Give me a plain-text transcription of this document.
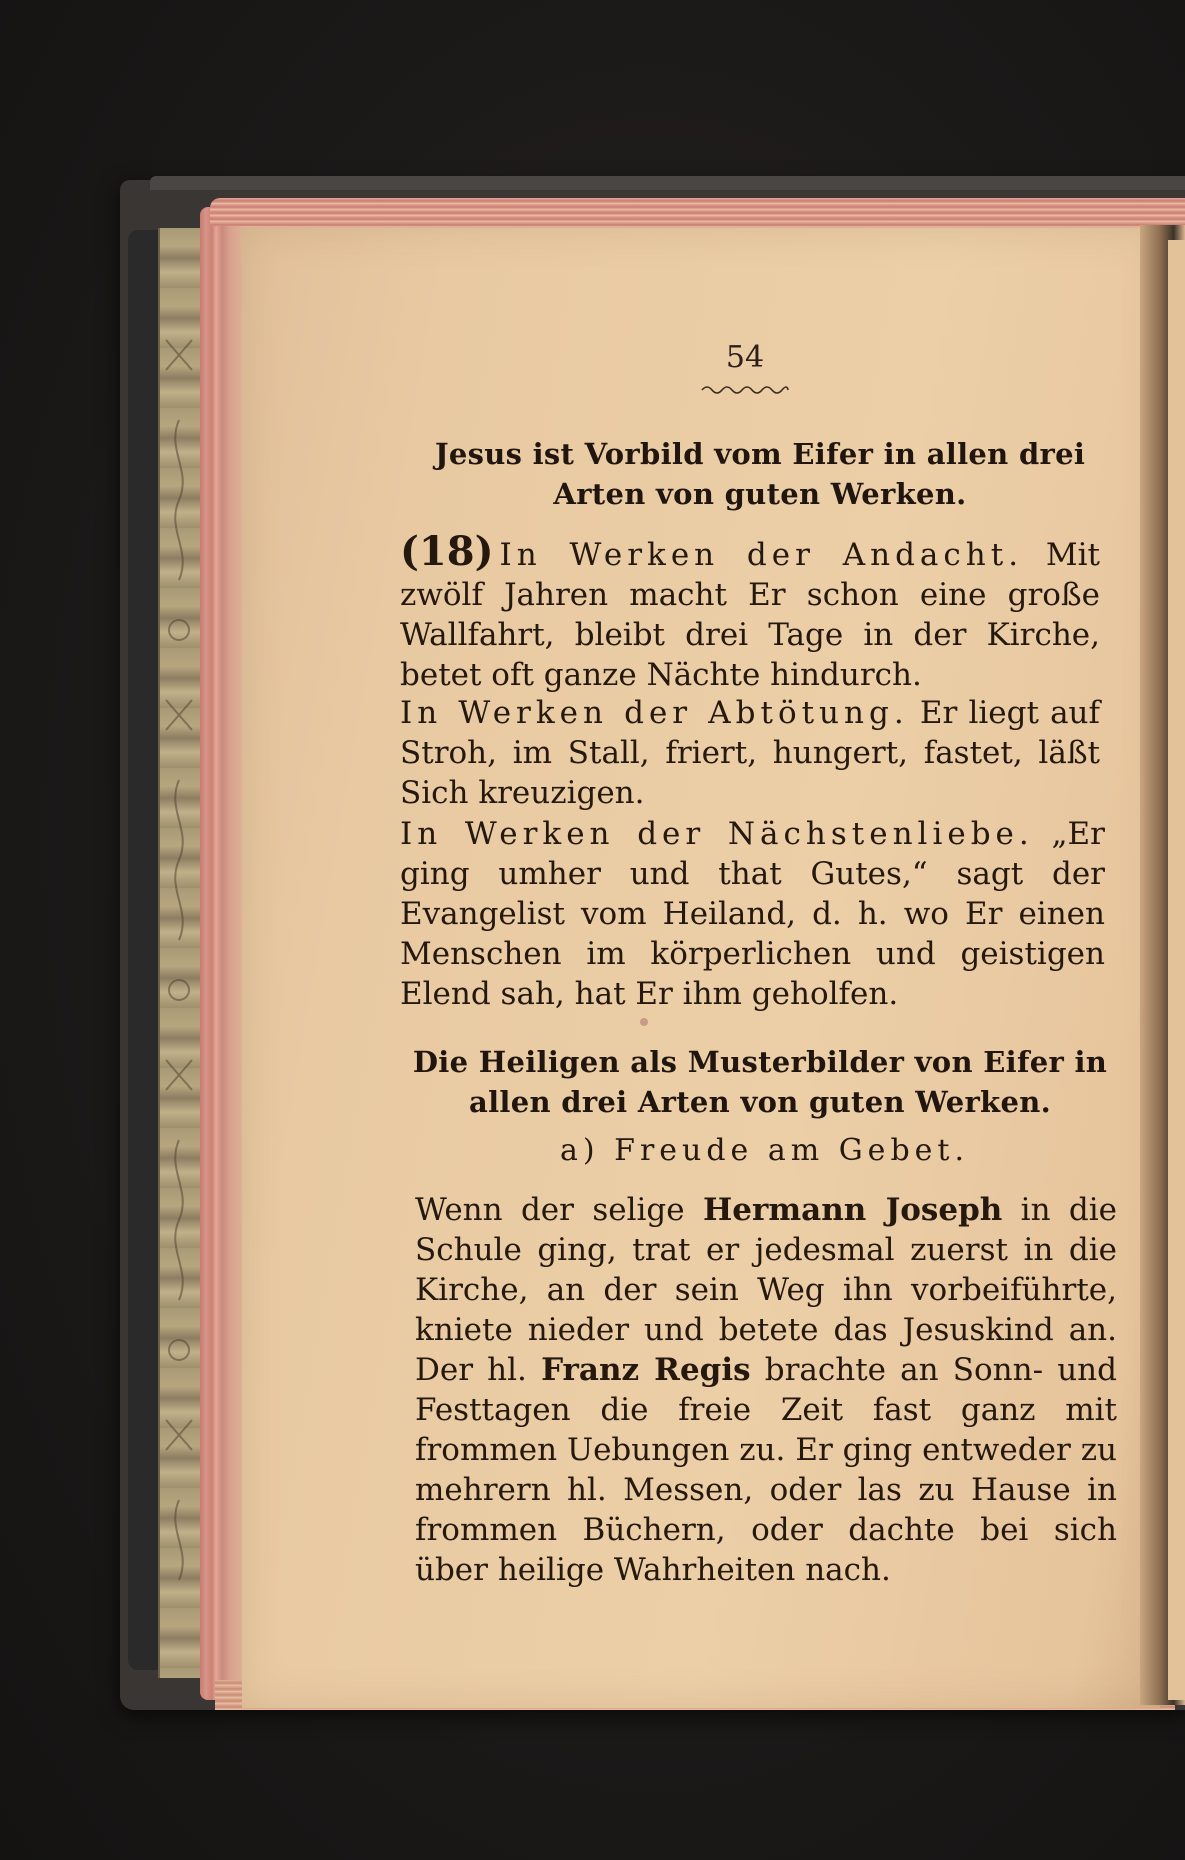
54
Jesus ist Vorbild vom Eifer in allen drei Arten von guten Werken.
(18) In Werken der Andacht. Mit zwölf Jahren macht Er schon eine große Wallfahrt, bleibt drei Tage in der Kirche, betet oft ganze Nächte hindurch.
In Werken der Abtötung. Er liegt auf Stroh, im Stall, friert, hungert, fastet, läßt Sich kreuzigen.
In Werken der Nächstenliebe. „Er ging umher und that Gutes,“ sagt der Evangelist vom Heiland, d. h. wo Er einen Menschen im körperlichen und geistigen Elend sah, hat Er ihm geholfen.
Die Heiligen als Musterbilder von Eifer in allen drei Arten von guten Werken.
a) Freude am Gebet.
Wenn der selige Hermann Joseph in die Schule ging, trat er jedesmal zuerst in die Kirche, an der sein Weg ihn vorbeiführte, kniete nieder und betete das Jesuskind an. Der hl. Franz Regis brachte an Sonn- und Festtagen die freie Zeit fast ganz mit frommen Uebungen zu. Er ging entweder zu mehrern hl. Messen, oder las zu Hause in frommen Büchern, oder dachte bei sich über heilige Wahrheiten nach.
